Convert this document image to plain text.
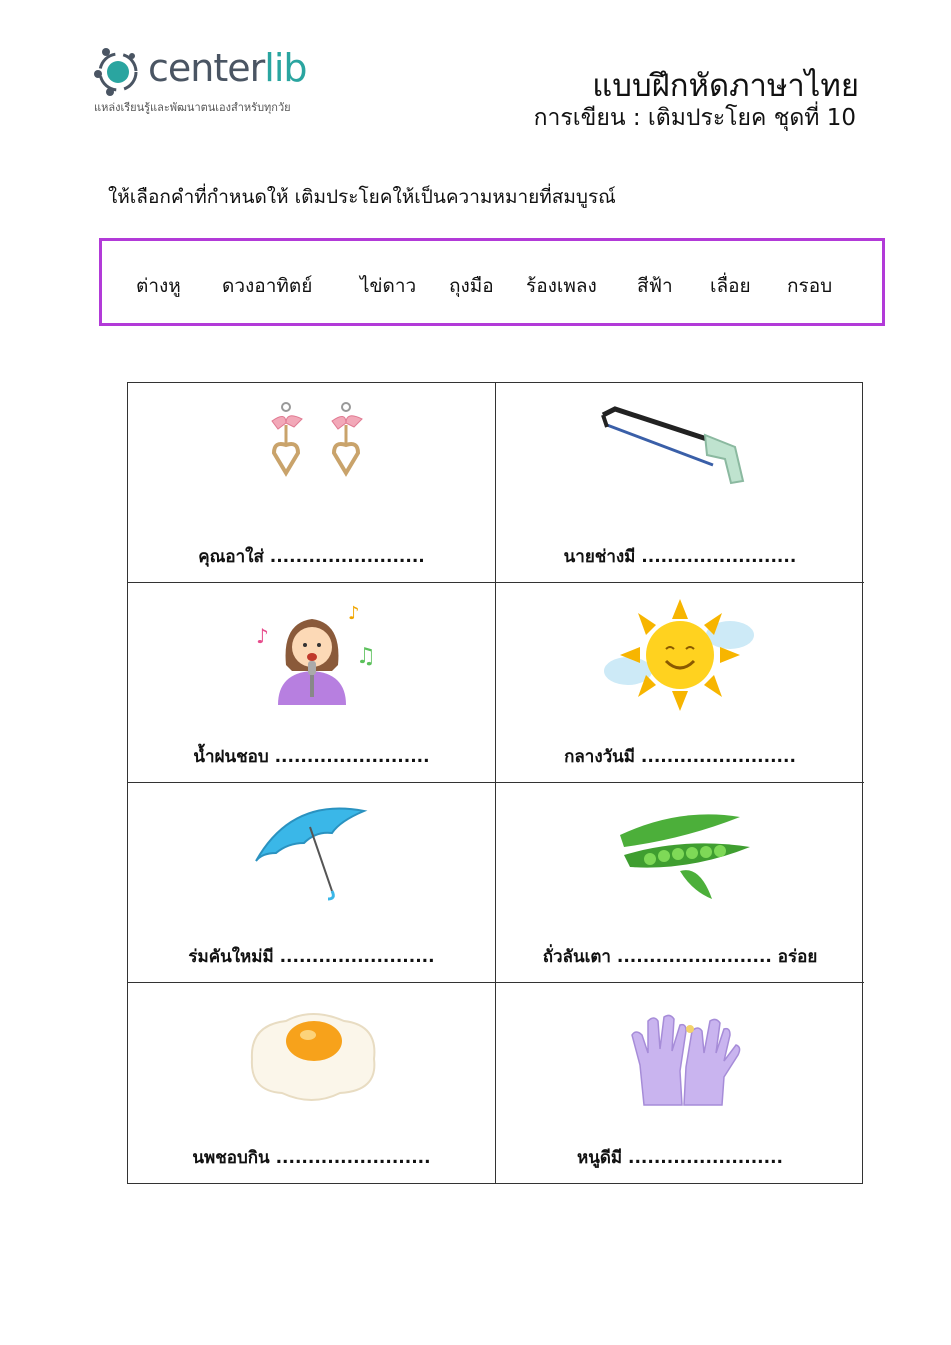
centerlib
แหล่งเรียนรู้และพัฒนาตนเองสำหรับทุกวัย
แบบฝึกหัดภาษาไทย
การเขียน : เติมประโยค ชุดที่ 10
ให้เลือกคำที่กำหนดให้ เติมประโยคให้เป็นความหมายที่สมบูรณ์
ต่างหู ดวงอาทิตย์	ไข่ดาว ถุงมือ ร้องเพลง สีฟ้า เลื่อย กรอบ
คุณอาใส่ ........................	นายช่างมี ........................
♪
♫
♪
น้ำฝนชอบ ........................	กลางวันมี ........................
ร่มคันใหม่มี ........................	ถั่วลันเตา ........................ อร่อย
นพชอบกิน ........................	หนูดีมี ........................
